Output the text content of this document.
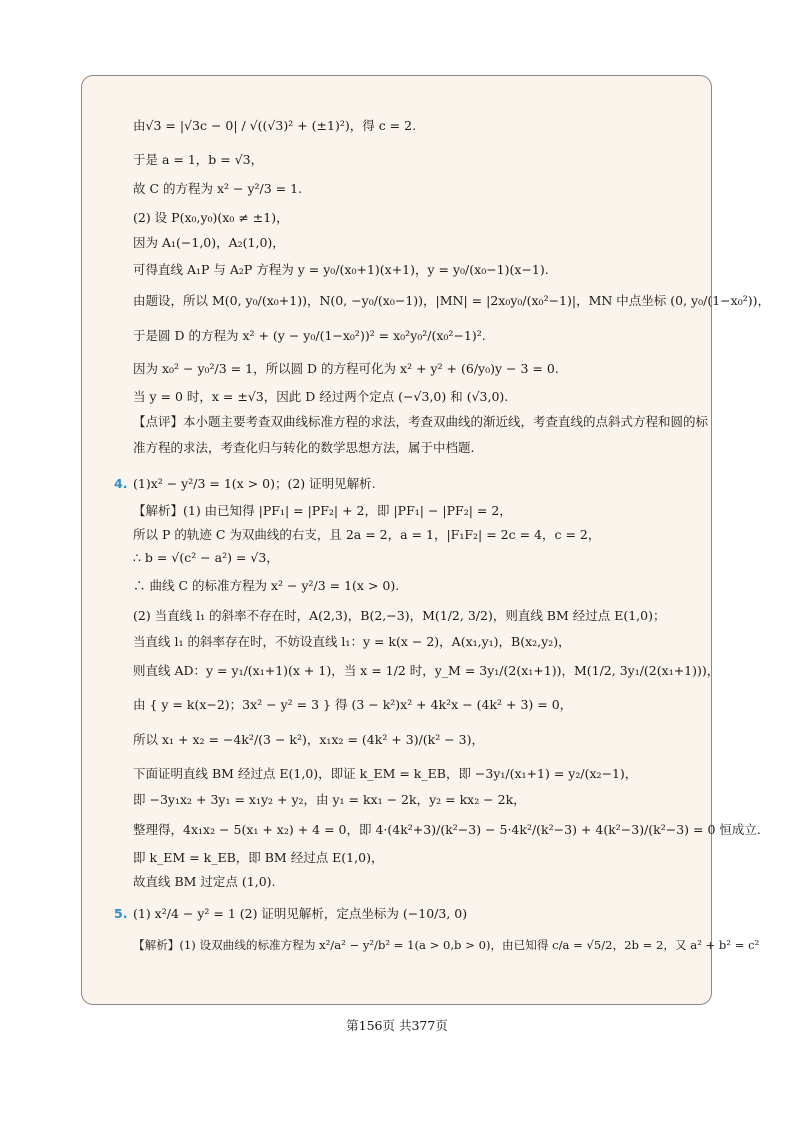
由√3 = |√3c − 0| / √((√3)² + (±1)²)，得 c = 2.
于是 a = 1，b = √3，
故 C 的方程为 x² − y²/3 = 1.
(2) 设 P(x₀,y₀)(x₀ ≠ ±1)，
因为 A₁(−1,0)，A₂(1,0)，
可得直线 A₁P 与 A₂P 方程为 y = y₀/(x₀+1)(x+1)，y = y₀/(x₀−1)(x−1).
由题设，所以 M(0, y₀/(x₀+1))，N(0, −y₀/(x₀−1))，|MN| = |2x₀y₀/(x₀²−1)|，MN 中点坐标 (0, y₀/(1−x₀²))，
于是圆 D 的方程为 x² + (y − y₀/(1−x₀²))² = x₀²y₀²/(x₀²−1)².
因为 x₀² − y₀²/3 = 1，所以圆 D 的方程可化为 x² + y² + (6/y₀)y − 3 = 0.
当 y = 0 时，x = ±√3，因此 D 经过两个定点 (−√3,0) 和 (√3,0).
【点评】本小题主要考查双曲线标准方程的求法，考查双曲线的渐近线，考查直线的点斜式方程和圆的标
准方程的求法，考查化归与转化的数学思想方法，属于中档题.
4. (1)x² − y²/3 = 1(x > 0)；(2) 证明见解析.
【解析】(1) 由已知得 |PF₁| = |PF₂| + 2，即 |PF₁| − |PF₂| = 2，
所以 P 的轨迹 C 为双曲线的右支，且 2a = 2，a = 1，|F₁F₂| = 2c = 4，c = 2，
∴ b = √(c² − a²) = √3，
∴ 曲线 C 的标准方程为 x² − y²/3 = 1(x > 0).
(2) 当直线 l₁ 的斜率不存在时，A(2,3)，B(2,−3)，M(1/2, 3/2)，则直线 BM 经过点 E(1,0)；
当直线 l₁ 的斜率存在时，不妨设直线 l₁：y = k(x − 2)，A(x₁,y₁)，B(x₂,y₂)，
则直线 AD：y = y₁/(x₁+1)(x + 1)，当 x = 1/2 时，y_M = 3y₁/(2(x₁+1))，M(1/2, 3y₁/(2(x₁+1)))，
由 { y = k(x−2)；3x² − y² = 3 } 得 (3 − k²)x² + 4k²x − (4k² + 3) = 0，
所以 x₁ + x₂ = −4k²/(3 − k²)，x₁x₂ = (4k² + 3)/(k² − 3)，
下面证明直线 BM 经过点 E(1,0)，即证 k_EM = k_EB，即 −3y₁/(x₁+1) = y₂/(x₂−1)，
即 −3y₁x₂ + 3y₁ = x₁y₂ + y₂，由 y₁ = kx₁ − 2k，y₂ = kx₂ − 2k，
整理得，4x₁x₂ − 5(x₁ + x₂) + 4 = 0，即 4·(4k²+3)/(k²−3) − 5·4k²/(k²−3) + 4(k²−3)/(k²−3) = 0 恒成立.
即 k_EM = k_EB，即 BM 经过点 E(1,0)，
故直线 BM 过定点 (1,0).
5. (1) x²/4 − y² = 1 (2) 证明见解析，定点坐标为 (−10/3, 0)
【解析】(1) 设双曲线的标准方程为 x²/a² − y²/b² = 1(a > 0,b > 0)，由已知得 c/a = √5/2，2b = 2，又 a² + b² = c²
第156页 共377页
